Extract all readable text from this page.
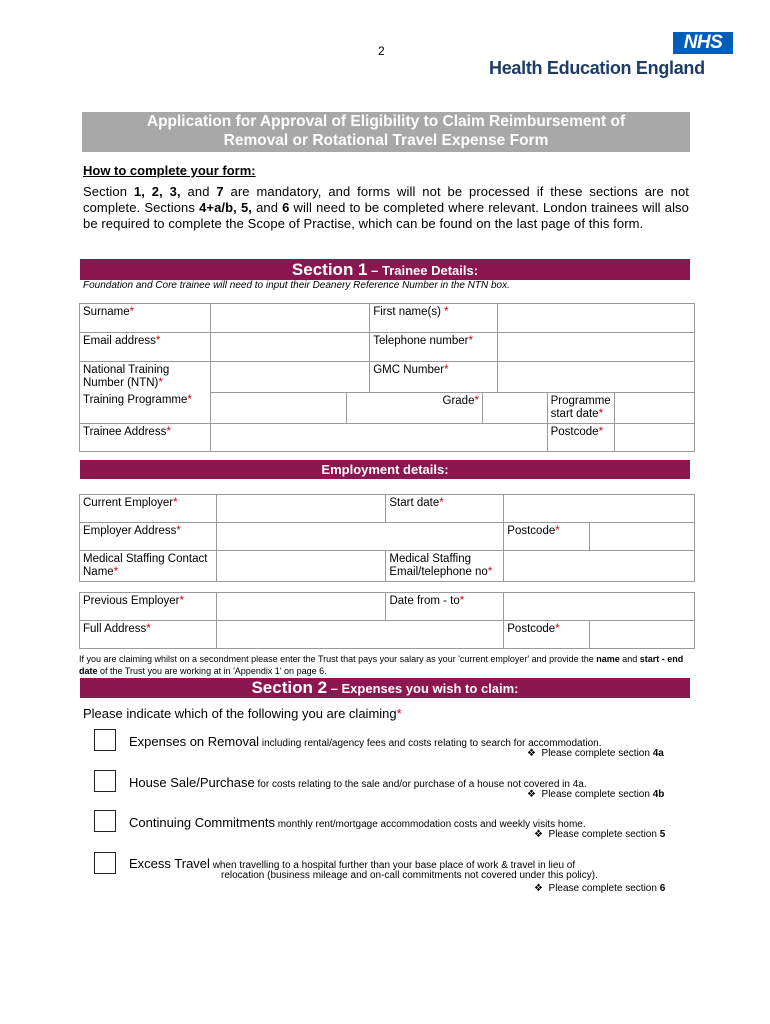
2	NHS
Health Education England
Application for Approval of Eligibility to Claim Reimbursement of
Removal or Rotational Travel Expense Form
How to complete your form:
Section 1, 2, 3, and 7 are mandatory, and forms will not be processed if these sections are not complete. Sections 4+a/b, 5, and 6 will need to be completed where relevant. London trainees will also be required to complete the Scope of Practise, which can be found on the last page of this form.
Section 1 – Trainee Details:
Foundation and Core trainee will need to input their Deanery Reference Number in the NTN box.
Surname*			First name(s) *				
Email address*			Telephone number*				
National Training Number (NTN)*			GMC Number*				

Training Programme*		Grade*				Programme start date*	
Trainee Address*						Postcode*	
Employment details:
Current Employer*		Start date*		
Employer Address*			Postcode*	
Medical Staffing Contact Name*		Medical Staffing Email/telephone no*		
Previous Employer*		Date from - to*		
Full Address*			Postcode*	
If you are claiming whilst on a secondment please enter the Trust that pays your salary as your 'current employer' and provide the name and start - end date of the Trust you are working at in 'Appendix 1' on page 6.
Section 2 – Expenses you wish to claim:
Please indicate which of the following you are claiming*
Expenses on Removal including rental/agency fees and costs relating to search for accommodation.
❖ Please complete section 4a
House Sale/Purchase for costs relating to the sale and/or purchase of a house not covered in 4a.
❖ Please complete section 4b
Continuing Commitments monthly rent/mortgage accommodation costs and weekly visits home.
❖ Please complete section 5
Excess Travel when travelling to a hospital further than your base place of work & travel in lieu of
relocation (business mileage and on-call commitments not covered under this policy).
❖ Please complete section 6
